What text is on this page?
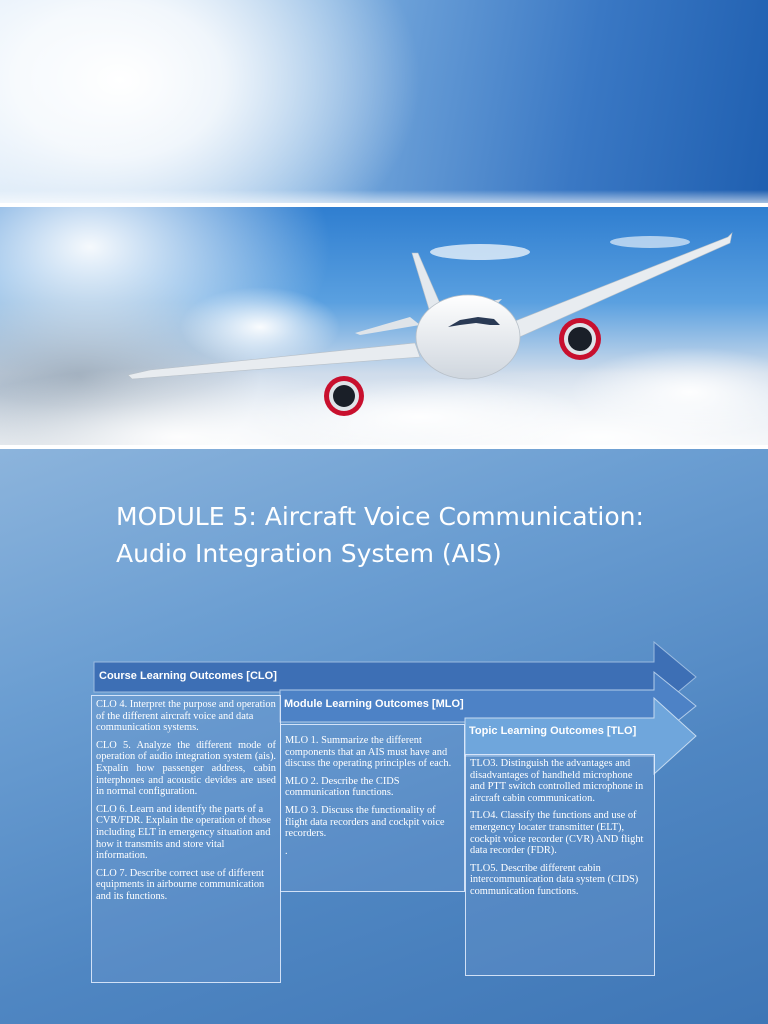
MODULE 5: Aircraft Voice Communication: Audio Integration System (AIS)
Course Learning Outcomes [CLO]
Module Learning Outcomes [MLO]
Topic Learning Outcomes [TLO]

CLO 4. Interpret the purpose and operation of the different aircraft voice and data communication systems.

CLO 5. Analyze the different mode of operation of audio integration system (ais). Expalin how passenger address, cabin interphones and acoustic devides are used in normal configuration.

CLO 6. Learn and identify the parts of a CVR/FDR. Explain the operation of those including ELT in emergency situation and how it transmits and store vital information.

CLO 7. Describe correct use of different equipments in airbourne communication and its functions.

MLO 1. Summarize the different components that an AIS must have and discuss the operating principles of each.

MLO 2. Describe the CIDS communication functions.

MLO 3. Discuss the functionality of flight data recorders and cockpit voice recorders.

.

TLO3. Distinguish the advantages and disadvantages of handheld microphone and PTT switch controlled microphone in aircraft cabin communication.

TLO4. Classify the functions and use of emergency locater transmitter (ELT), cockpit voice recorder (CVR) AND flight data recorder (FDR).

TLO5. Describe different cabin intercommunication data system (CIDS) communication functions.
